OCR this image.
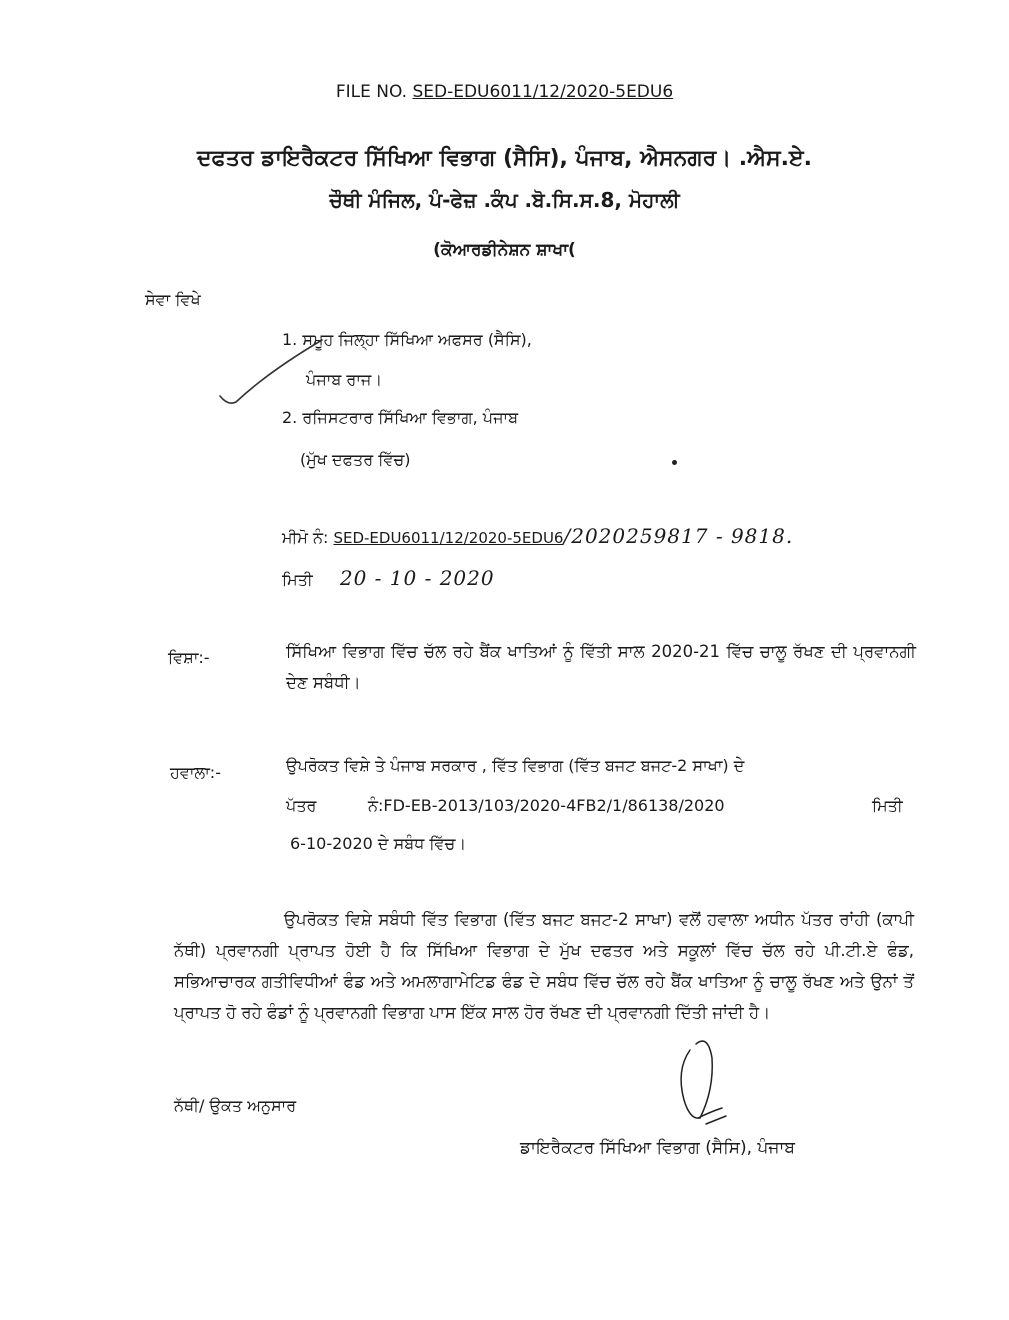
FILE NO. SED-EDU6011/12/2020-5EDU6
ਦਫਤਰ ਡਾਇਰੈਕਟਰ ਸਿੱਖਿਆ ਵਿਭਾਗ (ਸੈਸਿ), ਪੰਜਾਬ, ਐਸਨਗਰ। .ਐਸ.ਏ.
ਚੌਥੀ ਮੰਜਿਲ, ਪੰ-ਫੇਜ਼ .ਕੰਪ .ਬੋ.ਸਿ.ਸ.8, ਮੋਹਾਲੀ
(ਕੋਆਰਡੀਨੇਸ਼ਨ ਸ਼ਾਖਾ(
ਸੇਵਾ ਵਿਖੇ
1. ਸਮੂਹ ਜਿਲ੍ਹਾ ਸਿੱਖਿਆ ਅਫਸਰ (ਸੈਸਿ),
ਪੰਜਾਬ ਰਾਜ।
2. ਰਜਿਸਟਰਾਰ ਸਿੱਖਿਆ ਵਿਭਾਗ, ਪੰਜਾਬ
(ਮੁੱਖ ਦਫਤਰ ਵਿੱਚ)
ਮੀਮੋ ਨੰ: SED-EDU6011/12/2020-5EDU6/2020259817 - 9818.
ਮਿਤੀ 20 - 10 - 2020
ਵਿਸ਼ਾ:-	ਸਿੱਖਿਆ ਵਿਭਾਗ ਵਿੱਚ ਚੱਲ ਰਹੇ ਬੈਂਕ ਖਾਤਿਆਂ ਨੂੰ ਵਿੱਤੀ ਸਾਲ 2020-21 ਵਿੱਚ ਚਾਲੂ ਰੱਖਣ ਦੀ ਪ੍ਰਵਾਨਗੀ ਦੇਣ ਸਬੰਧੀ।
ਹਵਾਲਾ:-	ਉਪਰੋਕਤ ਵਿਸ਼ੇ ਤੇ ਪੰਜਾਬ ਸਰਕਾਰ , ਵਿੱਤ ਵਿਭਾਗ (ਵਿੱਤ ਬਜਟ ਬਜਟ-2 ਸਾਖਾ) ਦੇ
ਪੱਤਰ	ਨੰ:FD-EB-2013/103/2020-4FB2/1/86138/2020	ਮਿਤੀ
6-10-2020 ਦੇ ਸਬੰਧ ਵਿੱਚ।
ਉਪਰੋਕਤ ਵਿਸ਼ੇ ਸਬੰਧੀ ਵਿੱਤ ਵਿਭਾਗ (ਵਿੱਤ ਬਜਟ ਬਜਟ-2 ਸਾਖਾ) ਵਲੋਂ ਹਵਾਲਾ ਅਧੀਨ ਪੱਤਰ ਰਾਂਹੀ (ਕਾਪੀ ਨੱਥੀ) ਪ੍ਰਵਾਨਗੀ ਪ੍ਰਾਪਤ ਹੋਈ ਹੈ ਕਿ ਸਿੱਖਿਆ ਵਿਭਾਗ ਦੇ ਮੁੱਖ ਦਫਤਰ ਅਤੇ ਸਕੂਲਾਂ ਵਿੱਚ ਚੱਲ ਰਹੇ ਪੀ.ਟੀ.ਏ ਫੰਡ, ਸਭਿਆਚਾਰਕ ਗਤੀਵਿਧੀਆਂ ਫੰਡ ਅਤੇ ਅਮਲਾਗਾਮੇਟਿਡ ਫੰਡ ਦੇ ਸਬੰਧ ਵਿੱਚ ਚੱਲ ਰਹੇ ਬੈਂਕ ਖਾਤਿਆ ਨੂੰ ਚਾਲੂ ਰੱਖਣ ਅਤੇ ਉਨਾਂ ਤੋਂ ਪ੍ਰਾਪਤ ਹੋ ਰਹੇ ਫੰਡਾਂ ਨੂੰ ਪ੍ਰਵਾਨਗੀ ਵਿਭਾਗ ਪਾਸ ਇੱਕ ਸਾਲ ਹੋਰ ਰੱਖਣ ਦੀ ਪ੍ਰਵਾਨਗੀ ਦਿੱਤੀ ਜਾਂਦੀ ਹੈ।
ਨੱਥੀ/ ਉਕਤ ਅਨੁਸਾਰ
ਡਾਇਰੈਕਟਰ ਸਿੱਖਿਆ ਵਿਭਾਗ (ਸੈਸਿ), ਪੰਜਾਬ
